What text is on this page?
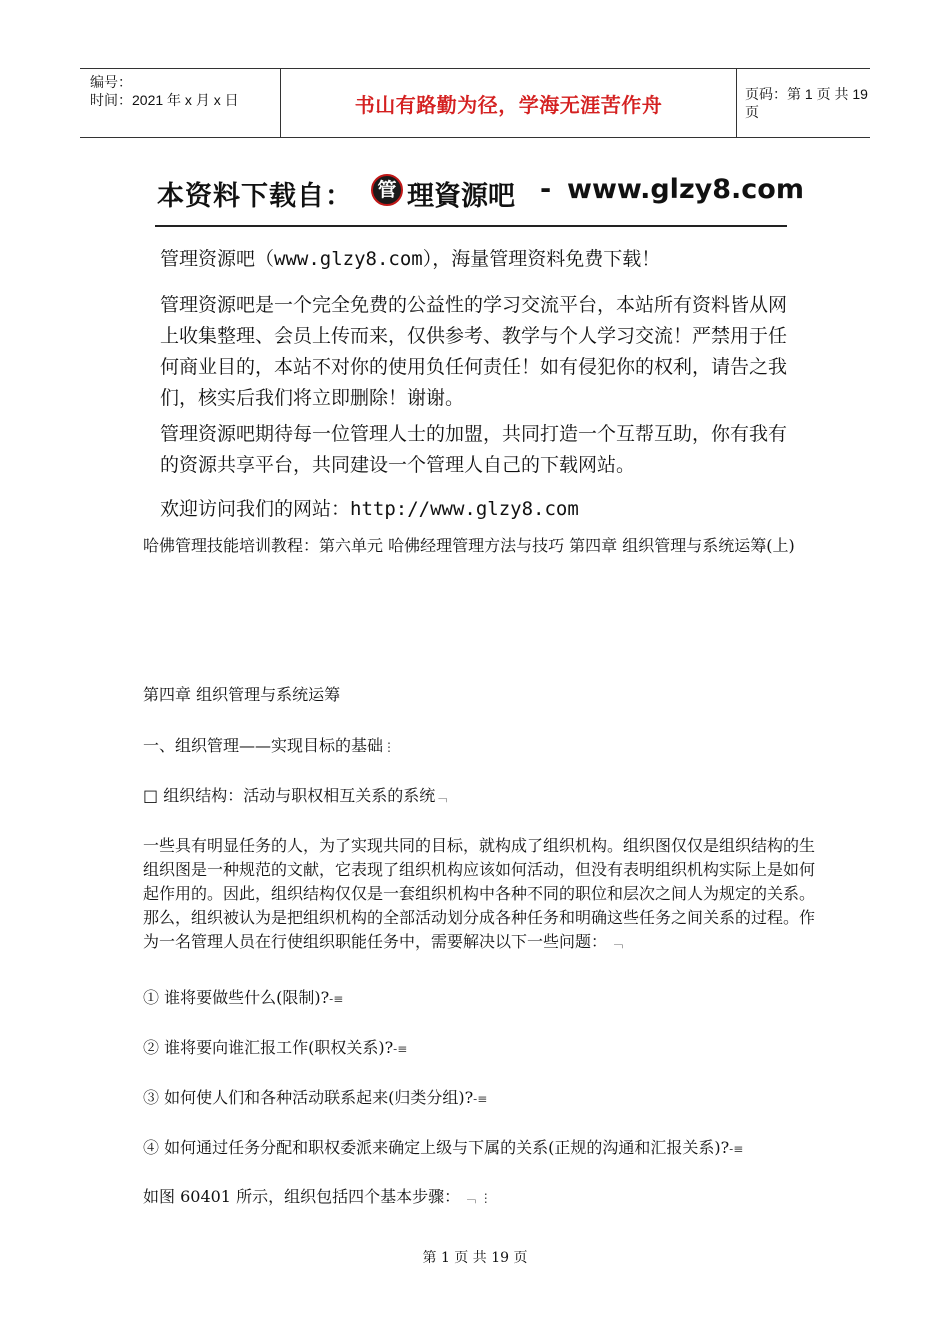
编号：
时间：2021 年 x 月 x 日	书山有路勤为径，学海无涯苦作舟	页码：第 1 页 共 19 页
本资料下载自：	管 理資源吧 - www.glzy8.com

管理资源吧（www.glzy8.com），海量管理资料免费下载！

管理资源吧是一个完全免费的公益性的学习交流平台，本站所有资料皆从网上收集整理、会员上传而来，仅供参考、教学与个人学习交流！严禁用于任何商业目的，本站不对你的使用负任何责任！如有侵犯你的权利，请告之我们，核实后我们将立即删除！谢谢。

管理资源吧期待每一位管理人士的加盟，共同打造一个互帮互助，你有我有的资源共享平台，共同建设一个管理人自己的下载网站。

欢迎访问我们的网站：http://www.glzy8.com

哈佛管理技能培训教程：第六单元 哈佛经理管理方法与技巧 第四章 组织管理与系统运筹(上)

第四章 组织管理与系统运筹

一、组织管理——实现目标的基础⋮

□ 组织结构：活动与职权相互关系的系统﹁

一些具有明显任务的人，为了实现共同的目标，就构成了组织机构。组织图仅仅是组织结构的生组织图是一种规范的文献，它表现了组织机构应该如何活动，但没有表明组织机构实际上是如何起作用的。因此，组织结构仅仅是一套组织机构中各种不同的职位和层次之间人为规定的关系。那么，组织被认为是把组织机构的全部活动划分成各种任务和明确这些任务之间关系的过程。作为一名管理人员在行使组织职能任务中，需要解决以下一些问题： ﹁

① 谁将要做些什么(限制)?-≡

② 谁将要向谁汇报工作(职权关系)?-≡

③ 如何使人们和各种活动联系起来(归类分组)?-≡

④ 如何通过任务分配和职权委派来确定上级与下属的关系(正规的沟通和汇报关系)?-≡

如图 60401 所示，组织包括四个基本步骤： ﹁ ⋮

第 1 页 共 19 页
